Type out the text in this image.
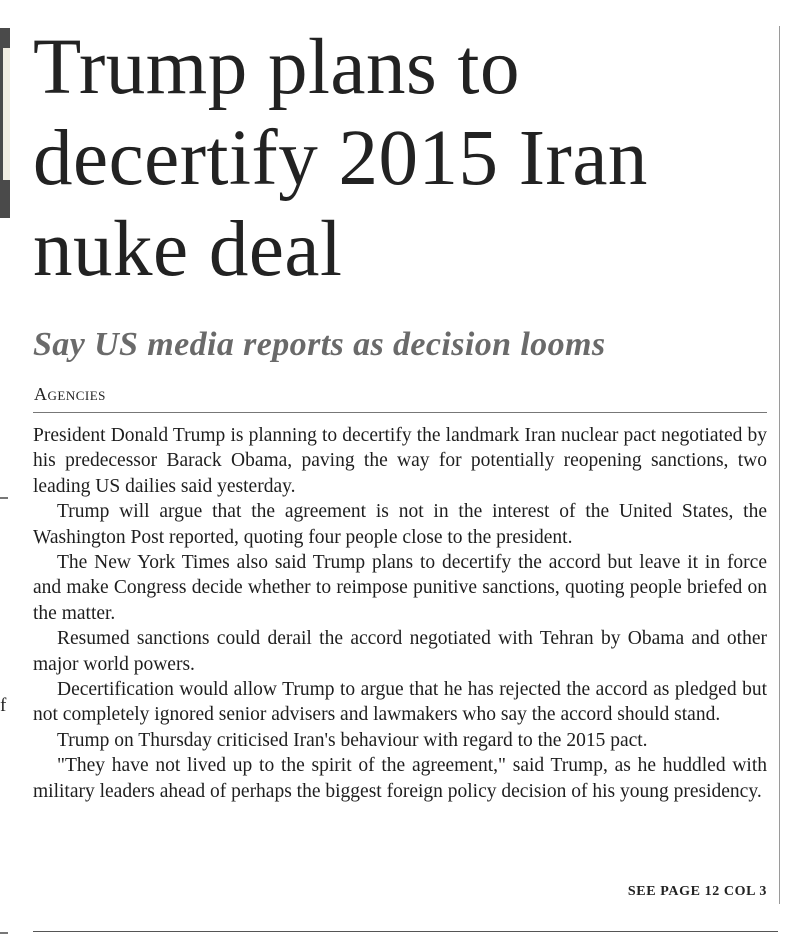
f
Trump plans to decertify 2015 Iran nuke deal
Say US media reports as decision looms
Agencies

President Donald Trump is planning to decertify the landmark Iran nuclear pact negotiated by his predecessor Barack Obama, paving the way for potentially reopening sanctions, two leading US dailies said yesterday.

Trump will argue that the agreement is not in the interest of the United States, the Washington Post reported, quoting four people close to the president.

The New York Times also said Trump plans to decertify the accord but leave it in force and make Congress decide whether to reimpose punitive sanctions, quoting people briefed on the matter.

Resumed sanctions could derail the accord negotiated with Tehran by Obama and other major world powers.

Decertification would allow Trump to argue that he has rejected the accord as pledged but not completely ignored senior advisers and lawmakers who say the accord should stand.

Trump on Thursday criticised Iran's behaviour with regard to the 2015 pact.

"They have not lived up to the spirit of the agreement," said Trump, as he huddled with military leaders ahead of perhaps the biggest foreign policy decision of his young presidency.

SEE PAGE 12 COL 3
